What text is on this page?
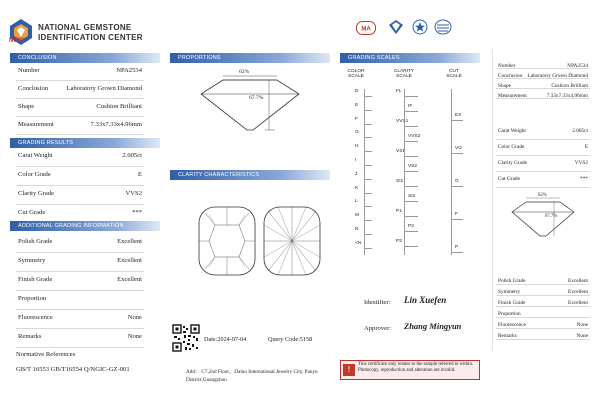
NGIC
NATIONAL GEMSTONE
IDENTIFICATION CENTER
CONCLUSION
Number	NPA2534
Conclusion	Laboratory Grown Diamond
Shape	Cushion Brilliant
Measurement	7.33x7.33x4.96mm
GRADING RESULTS
Carat Weight	2.005ct
Color Grade	E
Clarity Grade	VVS2
Cut Grade	***
ADDITIONAL GRADING INFORMATION
Polish Grade	Excellent
Symmetry	Excellent
Finish Grade	Excellent
Proportion
Fluorescence	None
Remarks	None
Normative References
GB/T 16553 GB/T16554 Q/NGIC-GZ-001
PROPORTIONS
62%
67.7%
CLARITY CHARACTERISTICS
Date:2024-07-04	Query Code:5158
Add： C7,2nd Floor，Daluo International Jewelry City, Panyu District,Guangzhou
GRADING SCALES
COLOR
SCALE
CLARITY
SCALE
CUT
SCALE
D
E
F
G
H
I
J
K
L
M
N
<N
FL
IF
VVS1
VVS2
VS1
VS2
SI1
SI2
P1
P2
P3
EX
VG
G
F
P
Identifier: Lin Xuefen
Approver: Zhang Mingyun
!
This certificate only relates to the sample referred to within. Photocopy, reproduction and alteration are invalid.
MA
Number	NPA2534
Conclusion Laboratory Grown Diamond
Shape	Cushion Brilliant
Measurement	7.33x7.33x4.96mm
Carat Weight	2.005ct
Color Grade	E
Clarity Grade	VVS2
Cut Grade	***
62%
67.7%
Polish Grade	Excellent
Symmetry	Excellent
Finish Grade	Excellent
Proportion
Fluorescence	None
Remarks	None
